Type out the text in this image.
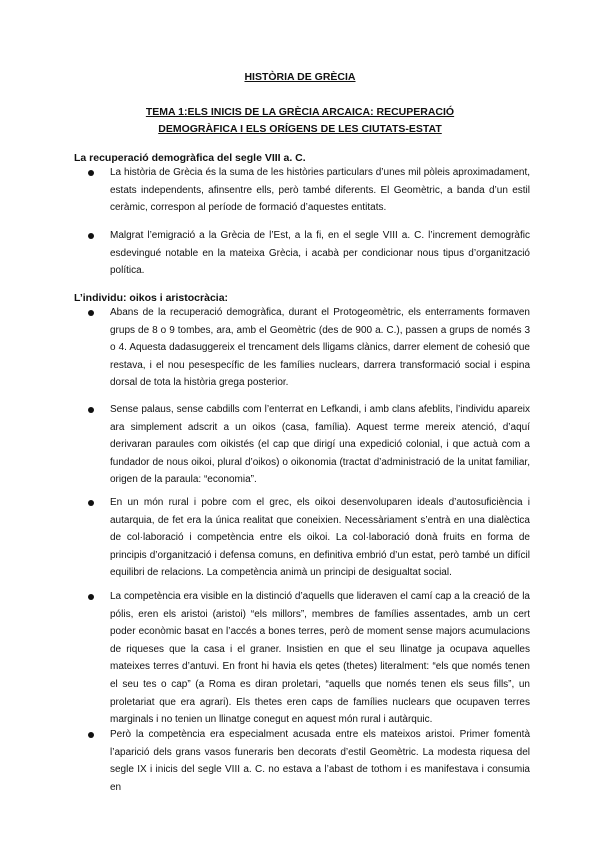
HISTÒRIA DE GRÈCIA
TEMA 1:ELS INICIS DE LA GRÈCIA ARCAICA: RECUPERACIÓ DEMOGRÀFICA I ELS ORÍGENS DE LES CIUTATS-ESTAT
La recuperació demogràfica del segle VIII a. C.
La història de Grècia és la suma de les històries particulars d’unes mil pòleis aproximadament, estats independents, afinsentre ells, però també diferents. El Geomètric, a banda d’un estil ceràmic, correspon al període de formació d’aquestes entitats.
Malgrat l’emigració a la Grècia de l’Est, a la fi, en el segle VIII a. C. l’increment demogràfic esdevingué notable en la mateixa Grècia, i acabà per condicionar nous tipus d’organització política.
L’individu: oikos i aristocràcia:
Abans de la recuperació demogràfica, durant el Protogeomètric, els enterraments formaven grups de 8 o 9 tombes, ara, amb el Geomètric (des de 900 a. C.), passen a grups de només 3 o 4. Aquesta dadasuggereix el trencament dels lligams clànics, darrer element de cohesió que restava, i el nou pesespecífic de les famílies nuclears, darrera transformació social i espina dorsal de tota la història grega posterior.
Sense palaus, sense cabdills com l’enterrat en Lefkandi, i amb clans afeblits, l’individu apareix ara simplement adscrit a un oikos (casa, família). Aquest terme mereix atenció, d’aquí derivaran paraules com oikistés (el cap que dirigí una expedició colonial, i que actuà com a fundador de nous oikoi, plural d’oikos) o oikonomia (tractat d’administració de la unitat familiar, origen de la paraula: “economia”.
En un món rural i pobre com el grec, els oikoi desenvoluparen ideals d’autosuficiència i autarquia, de fet era la única realitat que coneixien. Necessàriament s’entrà en una dialèctica de col·laboració i competència entre els oikoi. La col·laboració donà fruits en forma de principis d’organització i defensa comuns, en definitiva embrió d’un estat, però també un difícil equilibri de relacions. La competència animà un principi de desigualtat social.
La competència era visible en la distinció d’aquells que lideraven el camí cap a la creació de la pólis, eren els aristoi (aristoi) “els millors”, membres de famílies assentades, amb un cert poder econòmic basat en l’accés a bones terres, però de moment sense majors acumulacions de riqueses que la casa i el graner. Insistien en que el seu llinatge ja ocupava aquelles mateixes terres d’antuvi. En front hi havia els qetes (thetes) literalment: “els que només tenen el seu tes o cap” (a Roma es diran proletari, “aquells que només tenen els seus fills”, un proletariat que era agrari). Els thetes eren caps de famílies nuclears que ocupaven terres marginals i no tenien un llinatge conegut en aquest món rural i autàrquic.
Però la competència era especialment acusada entre els mateixos aristoi. Primer fomentà l’aparició dels grans vasos funeraris ben decorats d’estil Geomètric. La modesta riquesa del segle IX i inicis del segle VIII a. C. no estava a l’abast de tothom i es manifestava i consumia en
